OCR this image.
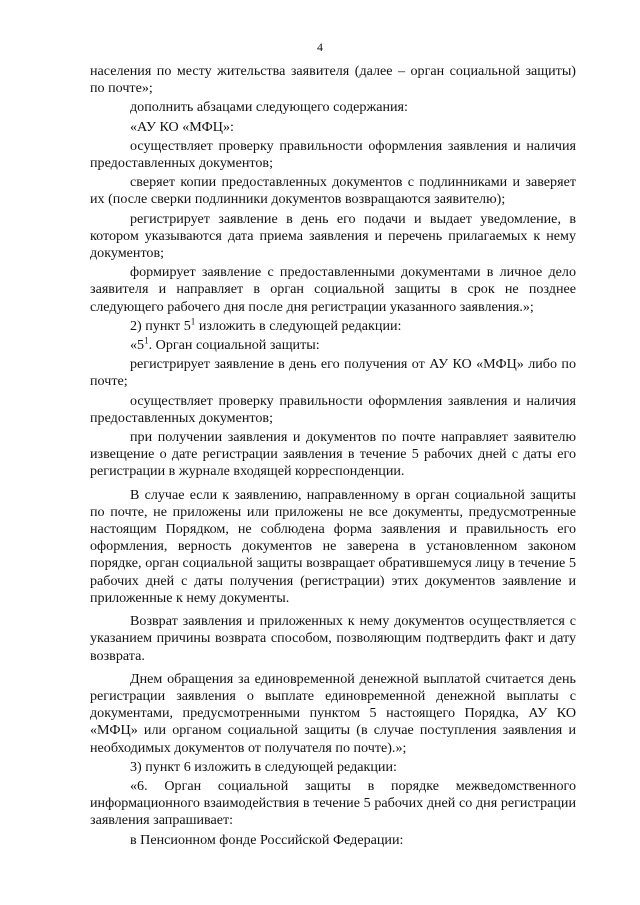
4

населения по месту жительства заявителя (далее – орган социальной защиты) по почте»;

дополнить абзацами следующего содержания:

«АУ КО «МФЦ»:

осуществляет проверку правильности оформления заявления и наличия предоставленных документов;

сверяет копии предоставленных документов с подлинниками и заверяет их (после сверки подлинники документов возвращаются заявителю);

регистрирует заявление в день его подачи и выдает уведомление, в котором указываются дата приема заявления и перечень прилагаемых к нему документов;

формирует заявление с предоставленными документами в личное дело заявителя и направляет в орган социальной защиты в срок не позднее следующего рабочего дня после дня регистрации указанного заявления.»;

2) пункт $5^1$ изложить в следующей редакции:

«$5^1$. Орган социальной защиты:

регистрирует заявление в день его получения от АУ КО «МФЦ» либо по почте;

осуществляет проверку правильности оформления заявления и наличия предоставленных документов;

при получении заявления и документов по почте направляет заявителю извещение о дате регистрации заявления в течение 5 рабочих дней с даты его регистрации в журнале входящей корреспонденции.

В случае если к заявлению, направленному в орган социальной защиты по почте, не приложены или приложены не все документы, предусмотренные настоящим Порядком, не соблюдена форма заявления и правильность его оформления, верность документов не заверена в установленном законом порядке, орган социальной защиты возвращает обратившемуся лицу в течение 5 рабочих дней с даты получения (регистрации) этих документов заявление и приложенные к нему документы.

Возврат заявления и приложенных к нему документов осуществляется с указанием причины возврата способом, позволяющим подтвердить факт и дату возврата.

Днем обращения за единовременной денежной выплатой считается день регистрации заявления о выплате единовременной денежной выплаты с документами, предусмотренными пунктом 5 настоящего Порядка, АУ КО «МФЦ» или органом социальной защиты (в случае поступления заявления и необходимых документов от получателя по почте).»;

3) пункт 6 изложить в следующей редакции:

«6. Орган социальной защиты в порядке межведомственного информационного взаимодействия в течение 5 рабочих дней со дня регистрации заявления запрашивает:

в Пенсионном фонде Российской Федерации:
